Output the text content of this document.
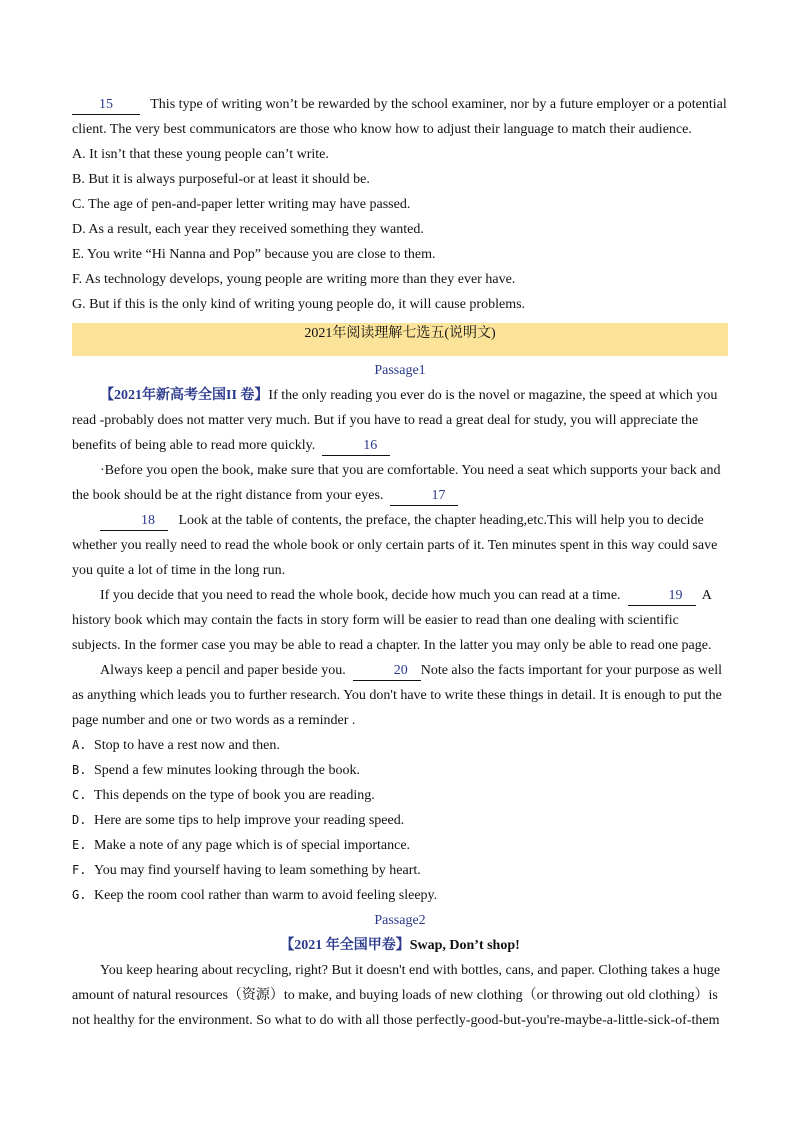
15	This type of writing won’t be rewarded by the school examiner, nor by a future employer or a potential client. The very best communicators are those who know how to adjust their language to match their audience.

A. It isn’t that these young people can’t write.

B. But it is always purposeful-or at least it should be.

C. The age of pen-and-paper letter writing may have passed.

D. As a result, each year they received something they wanted.

E. You write “Hi Nanna and Pop” because you are close to them.

F. As technology develops, young people are writing more than they ever have.

G. But if this is the only kind of writing young people do, it will cause problems.

2021年阅读理解七选五(说明文)
Passage1

【2021年新高考全国II 卷】If the only reading you ever do is the novel or magazine, the speed at which you read -probably does not matter very much. But if you have to read a great deal for study, you will appreciate the benefits of being able to read more quickly.	16

·Before you open the book, make sure that you are comfortable. You need a seat which supports your back and the book should be at the right distance from your eyes.	17

18 Look at the table of contents, the preface, the chapter heading,etc.This will help you to decide whether you really need to read the whole book or only certain parts of it. Ten minutes spent in this way could save you quite a lot of time in the long run.

If you decide that you need to read the whole book, decide how much you can read at a time.	19 A history book which may contain the facts in story form will be easier to read than one dealing with scientific subjects. In the former case you may be able to read a chapter. In the latter you may only be able to read one page.

Always keep a pencil and paper beside you.	20 Note also the facts important for your purpose as well as anything which leads you to further research. You don't have to write these things in detail. It is enough to put the page number and one or two words as a reminder .

A. Stop to have a rest now and then.
B. Spend a few minutes looking through the book.
C. This depends on the type of book you are reading.
D. Here are some tips to help improve your reading speed.
E. Make a note of any page which is of special importance.
F. You may find yourself having to leam something by heart.
G. Keep the room cool rather than warm to avoid feeling sleepy.
Passage2

【2021 年全国甲卷】Swap, Don’t shop!

You keep hearing about recycling, right? But it doesn't end with bottles, cans, and paper. Clothing takes a huge amount of natural resources（资源）to make, and buying loads of new clothing（or throwing out old clothing）is not healthy for the environment. So what to do with all those perfectly-good-but-you're-maybe-a-little-sick-of-them
